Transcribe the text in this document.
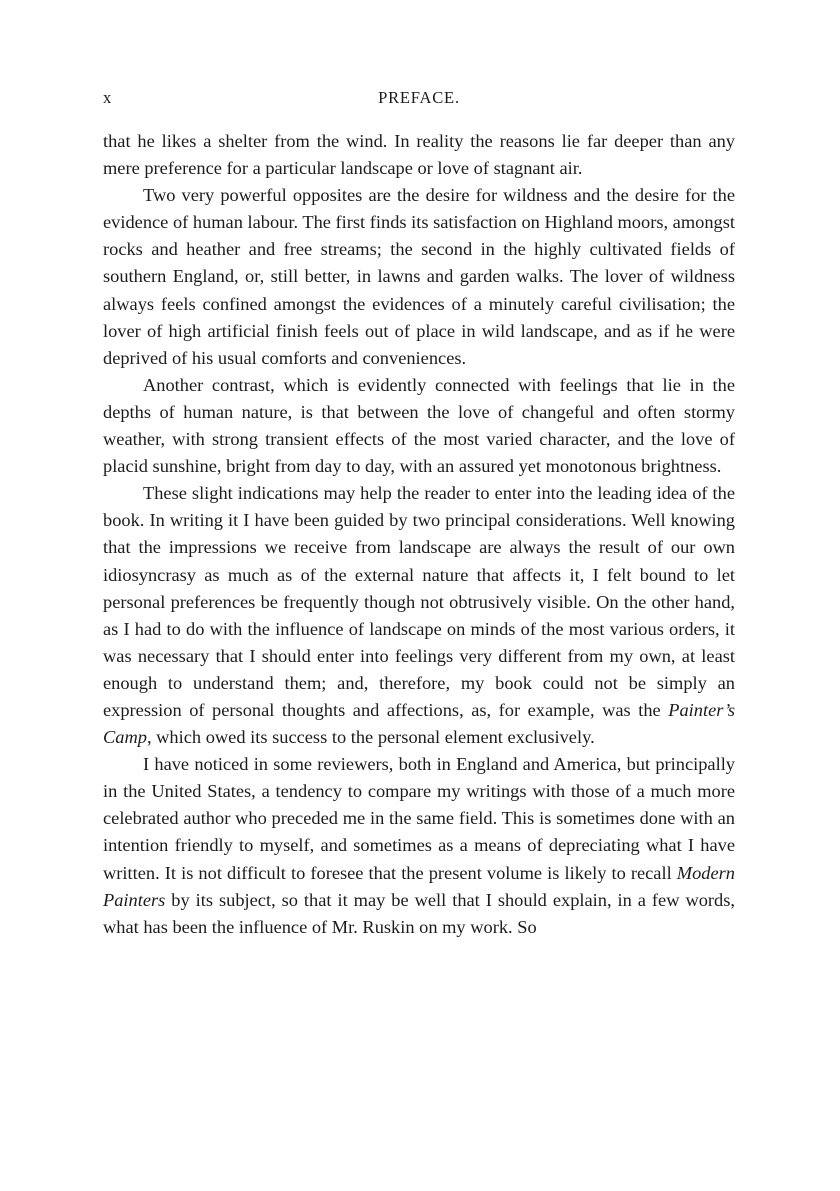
x	PREFACE.

that he likes a shelter from the wind. In reality the reasons lie far deeper than any mere preference for a particular landscape or love of stagnant air.

Two very powerful opposites are the desire for wildness and the desire for the evidence of human labour. The first finds its satisfaction on Highland moors, amongst rocks and heather and free streams; the second in the highly cultivated fields of southern England, or, still better, in lawns and garden walks. The lover of wildness always feels confined amongst the evidences of a minutely careful civilisation; the lover of high artificial finish feels out of place in wild landscape, and as if he were deprived of his usual comforts and conveniences.

Another contrast, which is evidently connected with feelings that lie in the depths of human nature, is that between the love of changeful and often stormy weather, with strong transient effects of the most varied character, and the love of placid sunshine, bright from day to day, with an assured yet monotonous brightness.

These slight indications may help the reader to enter into the leading idea of the book. In writing it I have been guided by two principal considerations. Well knowing that the impressions we receive from landscape are always the result of our own idiosyncrasy as much as of the external nature that affects it, I felt bound to let personal preferences be frequently though not obtrusively visible. On the other hand, as I had to do with the influence of landscape on minds of the most various orders, it was necessary that I should enter into feelings very different from my own, at least enough to understand them; and, therefore, my book could not be simply an expression of personal thoughts and affections, as, for example, was the Painter’s Camp, which owed its success to the personal element exclusively.

I have noticed in some reviewers, both in England and America, but principally in the United States, a tendency to compare my writings with those of a much more celebrated author who preceded me in the same field. This is sometimes done with an intention friendly to myself, and sometimes as a means of depreciating what I have written. It is not difficult to foresee that the present volume is likely to recall Modern Painters by its subject, so that it may be well that I should explain, in a few words, what has been the influence of Mr. Ruskin on my work. So
